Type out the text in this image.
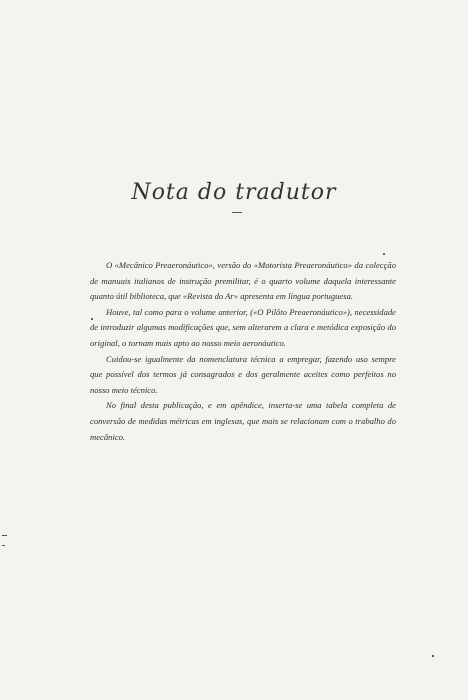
Nota do tradutor

O «Mecânico Preaeronáutico», versão do «Motorista Preaeronáutico» da colecção de manuais italianos de instrução premilitar, é o quarto volume daquela interessante quanto útil biblioteca, que «Revista do Ar» apresenta em língua portuguesa.

Houve, tal como para o volume anterior, («O Pilôto Preaeronáutico»), necessidade de introduzir algumas modificações que, sem alterarem a clara e metódica exposição do original, o tornam mais apto ao nosso meio aeronáutico.

Cuidou-se igualmente da nomenclatura técnica a empregar, fazendo uso sempre que possível dos termos já consagrados e dos geralmente aceites como perfeitos no nosso meio técnico.

No final desta publicação, e em apêndice, inserta-se uma tabela completa de conversão de medidas métricas em inglesas, que mais se relacionam com o trabalho do mecânico.
